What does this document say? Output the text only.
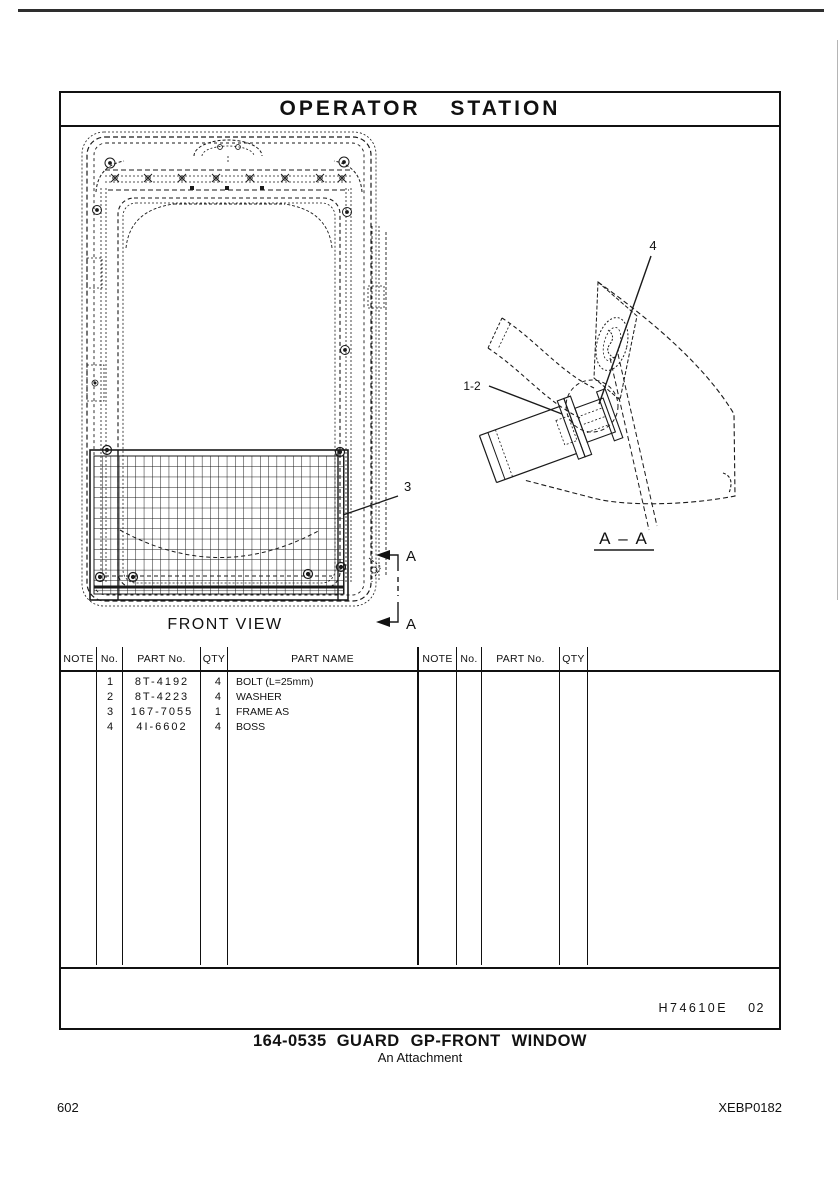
OPERATOR STATION
3
A
A
FRONT VIEW
4
1-2
A – A
NOTE No.	PART No.	QTY	PART NAME	NOTE No.	PART No.	QTY
1	8T-4192	4	BOLT (L=25mm)
2	8T-4223	4	WASHER
3	167-7055	1	FRAME AS
4	4I-6602	4	BOSS
H74610E 02
164-0535 GUARD GP-FRONT WINDOW
An Attachment
602	XEBP0182
